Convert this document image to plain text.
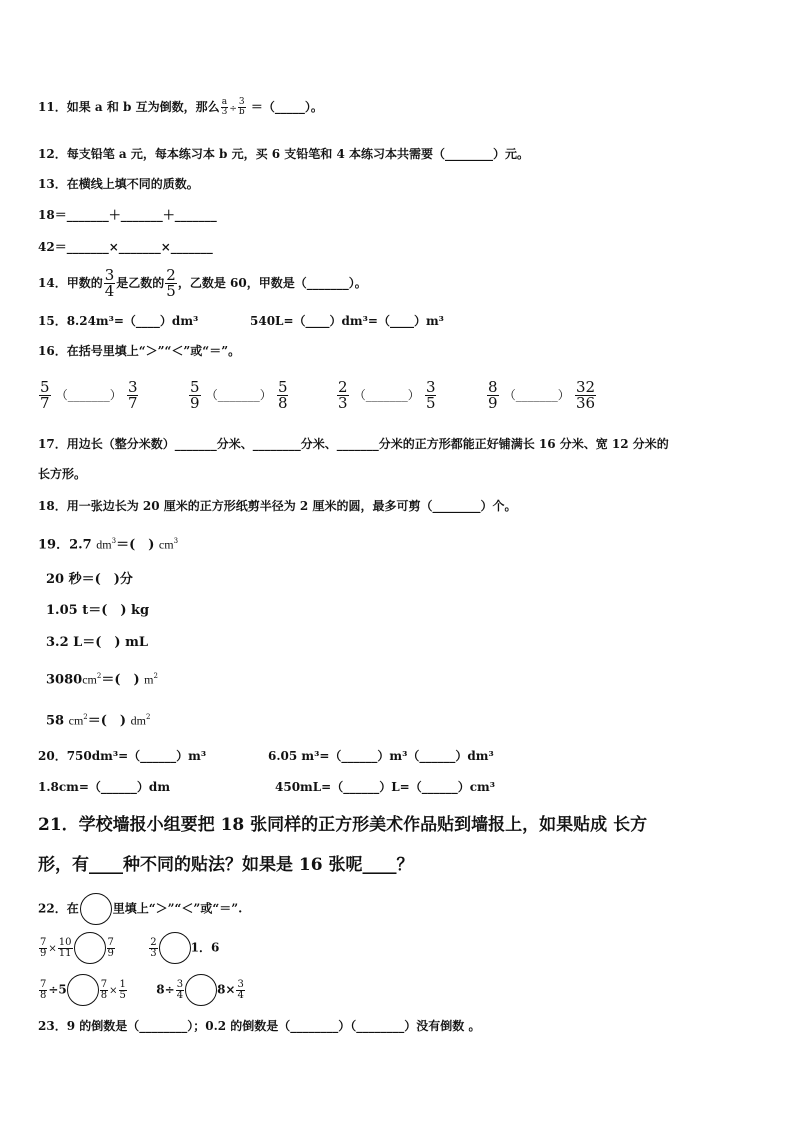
11．如果 a 和 b 互为倒数，那么 $\frac{a}{3} \div \frac{3}{b}$ ＝（_____）。
12．每支铅笔 a 元，每本练习本 b 元，买 6 支铅笔和 4 本练习本共需要（________）元。
13．在横线上填不同的质数。
18＝_______＋_______＋_______
42＝_______×_______×_______
14．甲数的 $\frac{3}{4}$ 是乙数的 $\frac{2}{5}$ ，乙数是 60，甲数是（_______）。
15．8.24m³=（____）dm³	540L=（____）dm³=（____）m³
16．在括号里填上“＞”“＜”或“＝”。
$\frac{5}{7}$ （_______） $\frac{3}{7}$	$\frac{5}{9}$ （_______） $\frac{5}{8}$	$\frac{2}{3}$ （_______） $\frac{3}{5}$	$\frac{8}{9}$ （_______） $\frac{32}{36}$
17．用边长（整分米数）_______分米、________分米、_______分米的正方形都能正好铺满长 16 分米、宽 12 分米的
长方形。
18．用一张边长为 20 厘米的正方形纸剪半径为 2 厘米的圆，最多可剪（________）个。
19．2.7 $dm^3=$(　) $cm^3$
20 秒＝(　)分
1.05 t＝(　) kg
3.2 L＝(　) mL
$3080cm^2=$(　) $m^2$
58 $cm^2=$(　) $dm^2$
20．750dm³=（______）m³	6.05 m³=（______）m³（______）dm³
1.8cm=（______）dm	450mL=（______）L=（______）cm³
21．学校墙报小组要把 18 张同样的正方形美术作品贴到墙报上，如果贴成 长方
形，有____种不同的贴法？如果是 16 张呢____？
22．在	里填上“＞”“＜”或“＝”.
$\frac{7}{9} \times \frac{10}{11}$	$\frac{7}{9}$
	$\frac{2}{3}$	1．6
$\frac{7}{8} \div 5$	$\frac{7}{8} \times \frac{1}{5} 8\div \frac{3}{4}$	$8\times \frac{3}{4}$
23．9 的倒数是（________）；0.2 的倒数是（________）（________）没有倒数 。
